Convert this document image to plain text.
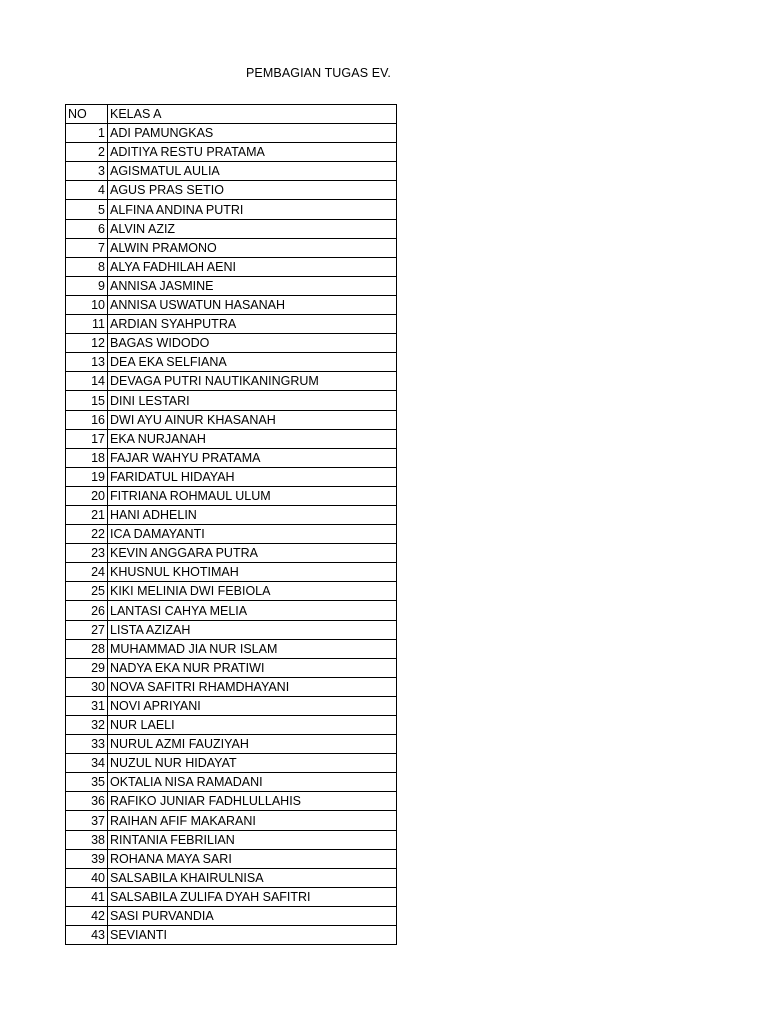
PEMBAGIAN TUGAS EV.
NO	KELAS A
1	ADI PAMUNGKAS
2	ADITIYA RESTU PRATAMA
3	AGISMATUL AULIA
4	AGUS PRAS SETIO
5	ALFINA ANDINA PUTRI
6	ALVIN AZIZ
7	ALWIN PRAMONO
8	ALYA FADHILAH AENI
9	ANNISA JASMINE
10	ANNISA USWATUN HASANAH
11	ARDIAN SYAHPUTRA
12	BAGAS WIDODO
13	DEA EKA SELFIANA
14	DEVAGA PUTRI NAUTIKANINGRUM
15	DINI LESTARI
16	DWI AYU AINUR KHASANAH
17	EKA NURJANAH
18	FAJAR WAHYU PRATAMA
19	FARIDATUL HIDAYAH
20	FITRIANA ROHMAUL ULUM
21	HANI ADHELIN
22	ICA DAMAYANTI
23	KEVIN ANGGARA PUTRA
24	KHUSNUL KHOTIMAH
25	KIKI MELINIA DWI FEBIOLA
26	LANTASI CAHYA MELIA
27	LISTA AZIZAH
28	MUHAMMAD JIA NUR ISLAM
29	NADYA EKA NUR PRATIWI
30	NOVA SAFITRI RHAMDHAYANI
31	NOVI APRIYANI
32	NUR LAELI
33	NURUL AZMI FAUZIYAH
34	NUZUL NUR HIDAYAT
35	OKTALIA NISA RAMADANI
36	RAFIKO JUNIAR FADHLULLAHIS
37	RAIHAN AFIF MAKARANI
38	RINTANIA FEBRILIAN
39	ROHANA MAYA SARI
40	SALSABILA KHAIRULNISA
41	SALSABILA ZULIFA DYAH SAFITRI
42	SASI PURVANDIA
43	SEVIANTI
